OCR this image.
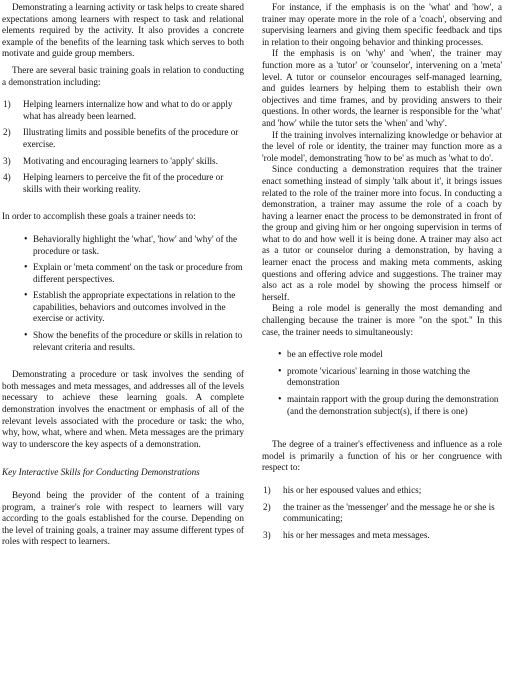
Demonstrating a learning activity or task helps to create shared expectations among learners with respect to task and relational elements required by the activity. It also provides a concrete example of the benefits of the learning task which serves to both motivate and guide group members.

There are several basic training goals in relation to conducting a demonstration including:

1)	Helping learners internalize how and what to do or apply what has already been learned.
2)	Illustrating limits and possible benefits of the procedure or exercise.
3)	Motivating and encouraging learners to 'apply' skills.
4)	Helping learners to perceive the fit of the procedure or skills with their working reality.

In order to accomplish these goals a trainer needs to:

• Behaviorally highlight the 'what', 'how' and 'why' of the procedure or task.
• Explain or 'meta comment' on the task or procedure from different perspectives.
• Establish the appropriate expectations in relation to the capabilities, behaviors and outcomes involved in the exercise or activity.
• Show the benefits of the procedure or skills in relation to relevant criteria and results.

Demonstrating a procedure or task involves the sending of both messages and meta messages, and addresses all of the levels necessary to achieve these learning goals. A complete demonstration involves the enactment or emphasis of all of the relevant levels associated with the procedure or task: the who, why, how, what, where and when. Meta messages are the primary way to underscore the key aspects of a demonstration.

Key Interactive Skills for Conducting Demonstrations

Beyond being the provider of the content of a training program, a trainer's role with respect to learners will vary according to the goals established for the course. Depending on the level of training goals, a trainer may assume different types of roles with respect to learners.

For instance, if the emphasis is on the 'what' and 'how', a trainer may operate more in the role of a 'coach', observing and supervising learners and giving them specific feedback and tips in relation to their ongoing behavior and thinking processes.

If the emphasis is on 'why' and 'when', the trainer may function more as a 'tutor' or 'counselor', intervening on a 'meta' level. A tutor or counselor encourages self-managed learning, and guides learners by helping them to establish their own objectives and time frames, and by providing answers to their questions. In other words, the learner is responsible for the 'what' and 'how' while the tutor sets the 'when' and 'why'.

If the training involves internalizing knowledge or behavior at the level of role or identity, the trainer may function more as a 'role model', demonstrating 'how to be' as much as 'what to do'.

Since conducting a demonstration requires that the trainer enact something instead of simply 'talk about it', it brings issues related to the role of the trainer more into focus. In conducting a demonstration, a trainer may assume the role of a coach by having a learner enact the process to be demonstrated in front of the group and giving him or her ongoing supervision in terms of what to do and how well it is being done. A trainer may also act as a tutor or counselor during a demonstration, by having a learner enact the process and making meta comments, asking questions and offering advice and suggestions. The trainer may also act as a role model by showing the process himself or herself.

Being a role model is generally the most demanding and challenging because the trainer is more "on the spot." In this case, the trainer needs to simultaneously:

• be an effective role model
• promote 'vicarious' learning in those watching the demonstration
• maintain rapport with the group during the demonstration (and the demonstration subject(s), if there is one)

The degree of a trainer's effectiveness and influence as a role model is primarily a function of his or her congruence with respect to:

1)	his or her espoused values and ethics;
2)	the trainer as the 'messenger' and the message he or she is communicating;
3)	his or her messages and meta messages.
